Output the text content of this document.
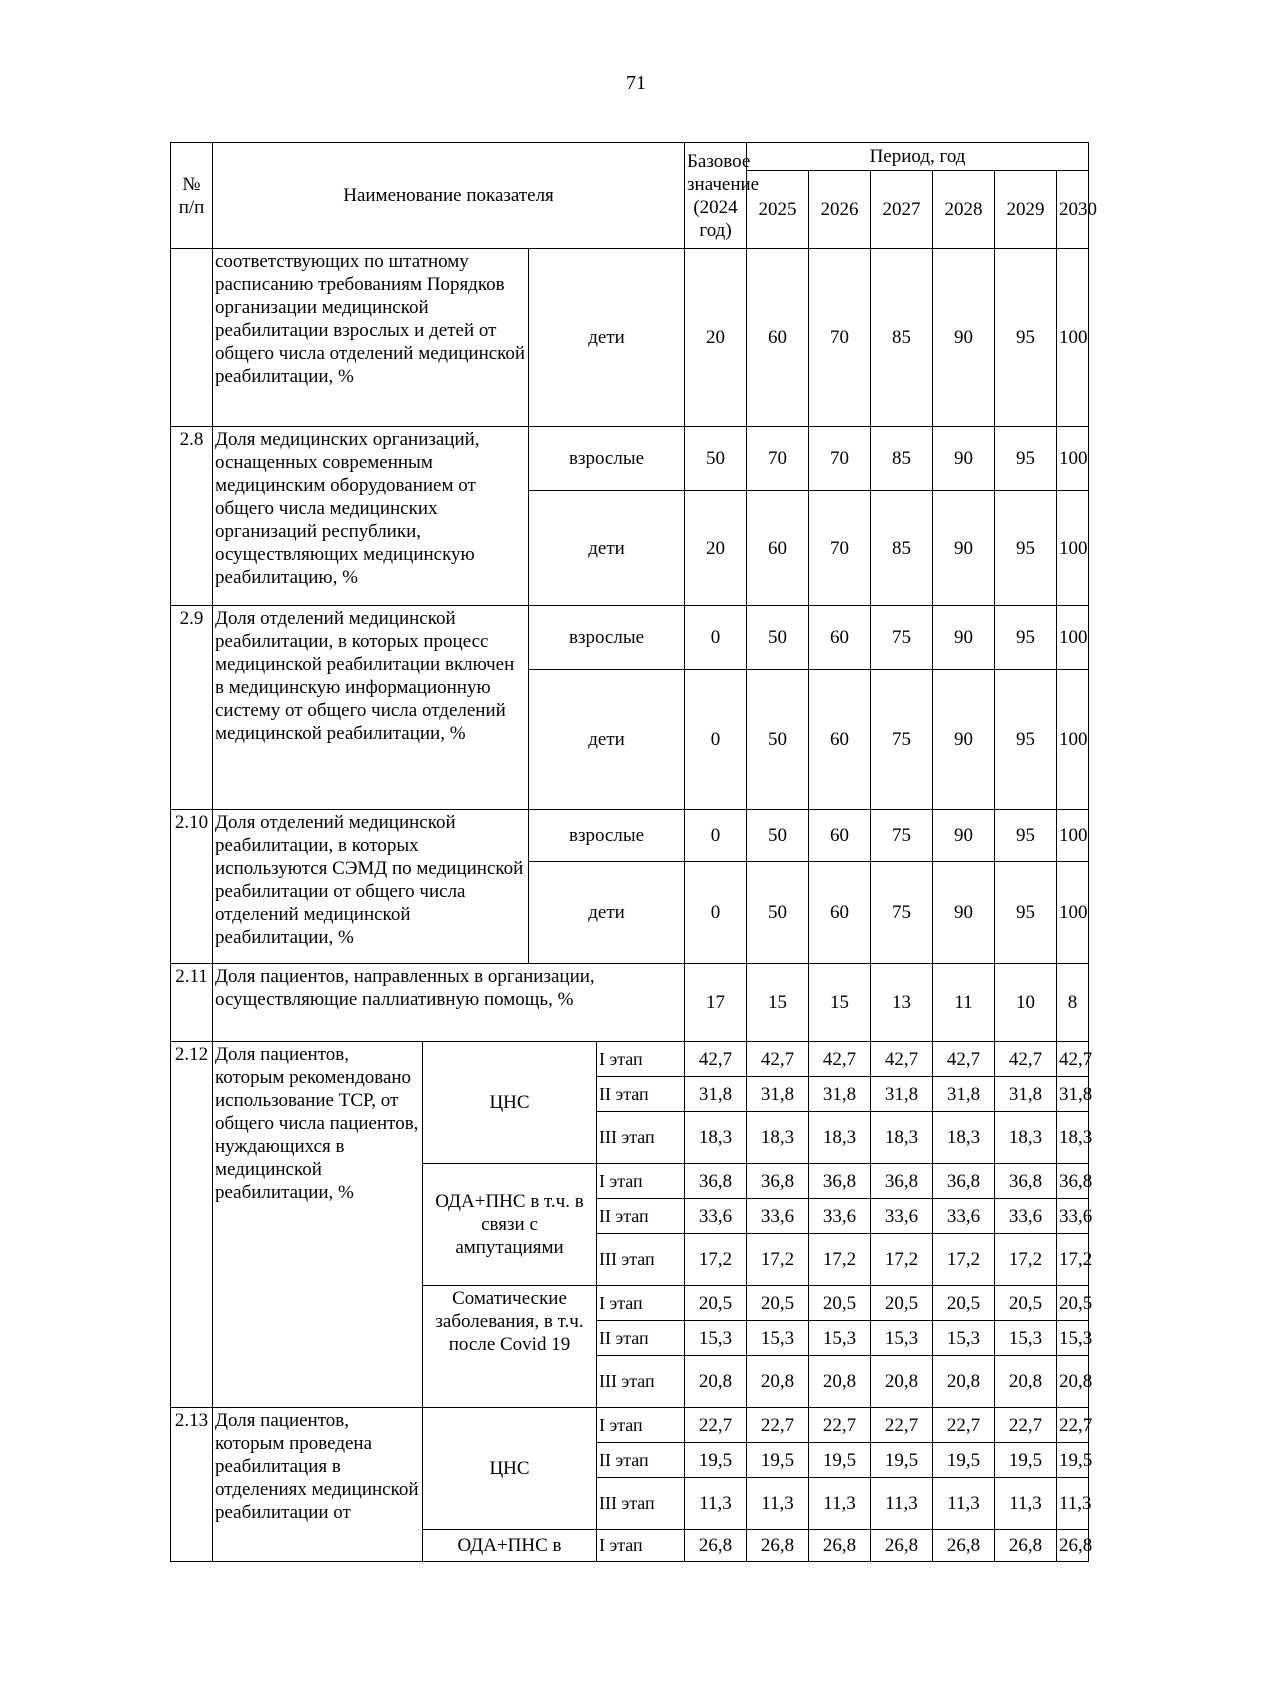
71
№ п/п	Наименование показателя				Базовое значение (2024 год)	Период, год					
						2025	2026	2027	2028	2029	2030
	соответствующих по штатному расписанию требованиям Порядков организации медицинской реабилитации взрослых и детей от общего числа отделений медицинской реабилитации, %		дети		20	60	70	85	90	95	100
2.8	Доля медицинских организаций, оснащенных современным медицинским оборудованием от общего числа медицинских организаций республики, осуществляющих медицинскую реабилитацию, %		взрослые		50	70	70	85	90	95	100
			дети		20	60	70	85	90	95	100
2.9	Доля отделений медицинской реабилитации, в которых процесс медицинской реабилитации включен в медицинскую информационную систему от общего числа отделений медицинской реабилитации, %		взрослые		0	50	60	75	90	95	100
			дети		0	50	60	75	90	95	100
2.10	Доля отделений медицинской реабилитации, в которых используются СЭМД по медицинской реабилитации от общего числа отделений медицинской реабилитации, %		взрослые		0	50	60	75	90	95	100
			дети		0	50	60	75	90	95	100
2.11	Доля пациентов, направленных в организации, осуществляющие паллиативную помощь, %				17	15	15	13	11	10	8
2.12	Доля пациентов, которым рекомендовано использование ТСР, от общего числа пациентов, нуждающихся в медицинской реабилитации, %	ЦНС		I этап	42,7	42,7	42,7	42,7	42,7	42,7	42,7
				II этап	31,8	31,8	31,8	31,8	31,8	31,8	31,8
				III этап	18,3	18,3	18,3	18,3	18,3	18,3	18,3
		ОДА+ПНС в т.ч. в связи с ампутациями		I этап	36,8	36,8	36,8	36,8	36,8	36,8	36,8
				II этап	33,6	33,6	33,6	33,6	33,6	33,6	33,6
				III этап	17,2	17,2	17,2	17,2	17,2	17,2	17,2
		Соматические заболевания, в т.ч. после Covid 19		I этап	20,5	20,5	20,5	20,5	20,5	20,5	20,5
				II этап	15,3	15,3	15,3	15,3	15,3	15,3	15,3
				III этап	20,8	20,8	20,8	20,8	20,8	20,8	20,8
2.13	Доля пациентов, которым проведена реабилитация в отделениях медицинской реабилитации от	ЦНС		I этап	22,7	22,7	22,7	22,7	22,7	22,7	22,7
				II этап	19,5	19,5	19,5	19,5	19,5	19,5	19,5
				III этап	11,3	11,3	11,3	11,3	11,3	11,3	11,3
		ОДА+ПНС в		I этап	26,8	26,8	26,8	26,8	26,8	26,8	26,8
